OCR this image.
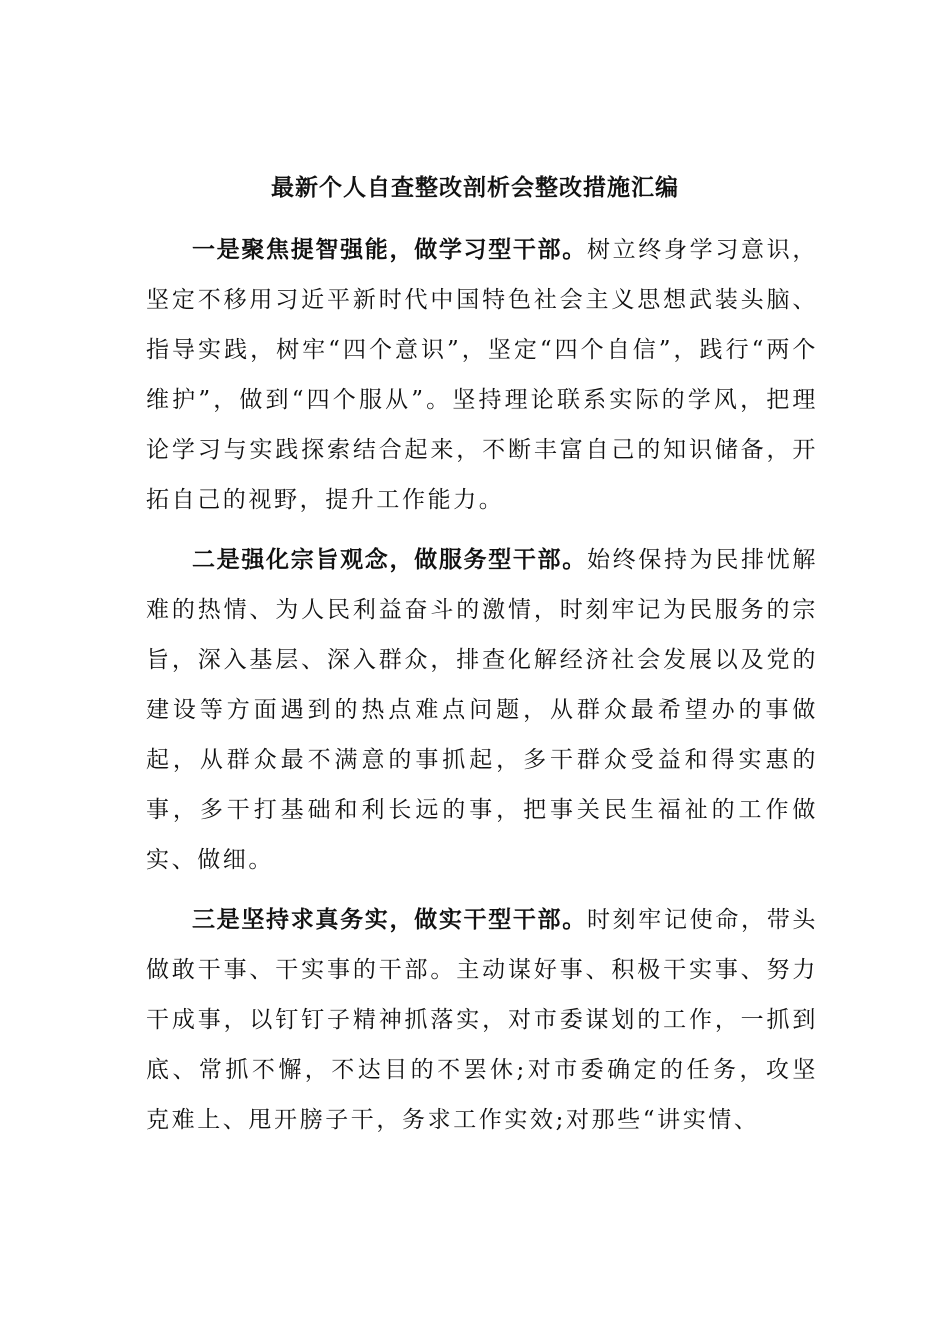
最新个人自查整改剖析会整改措施汇编

一是聚焦提智强能，做学习型干部。树立终身学习意识，坚定不移用习近平新时代中国特色社会主义思想武装头脑、指导实践，树牢“四个意识”，坚定“四个自信”，践行“两个维护”，做到“四个服从”。坚持理论联系实际的学风，把理论学习与实践探索结合起来，不断丰富自己的知识储备，开拓自己的视野，提升工作能力。

二是强化宗旨观念，做服务型干部。始终保持为民排忧解难的热情、为人民利益奋斗的激情，时刻牢记为民服务的宗旨，深入基层、深入群众，排查化解经济社会发展以及党的建设等方面遇到的热点难点问题，从群众最希望办的事做起，从群众最不满意的事抓起，多干群众受益和得实惠的事，多干打基础和利长远的事，把事关民生福祉的工作做实、做细。

三是坚持求真务实，做实干型干部。时刻牢记使命，带头做敢干事、干实事的干部。主动谋好事、积极干实事、努力干成事，以钉钉子精神抓落实，对市委谋划的工作，一抓到底、常抓不懈，不达目的不罢休;对市委确定的任务，攻坚克难上、甩开膀子干，务求工作实效;对那些“讲实情、
